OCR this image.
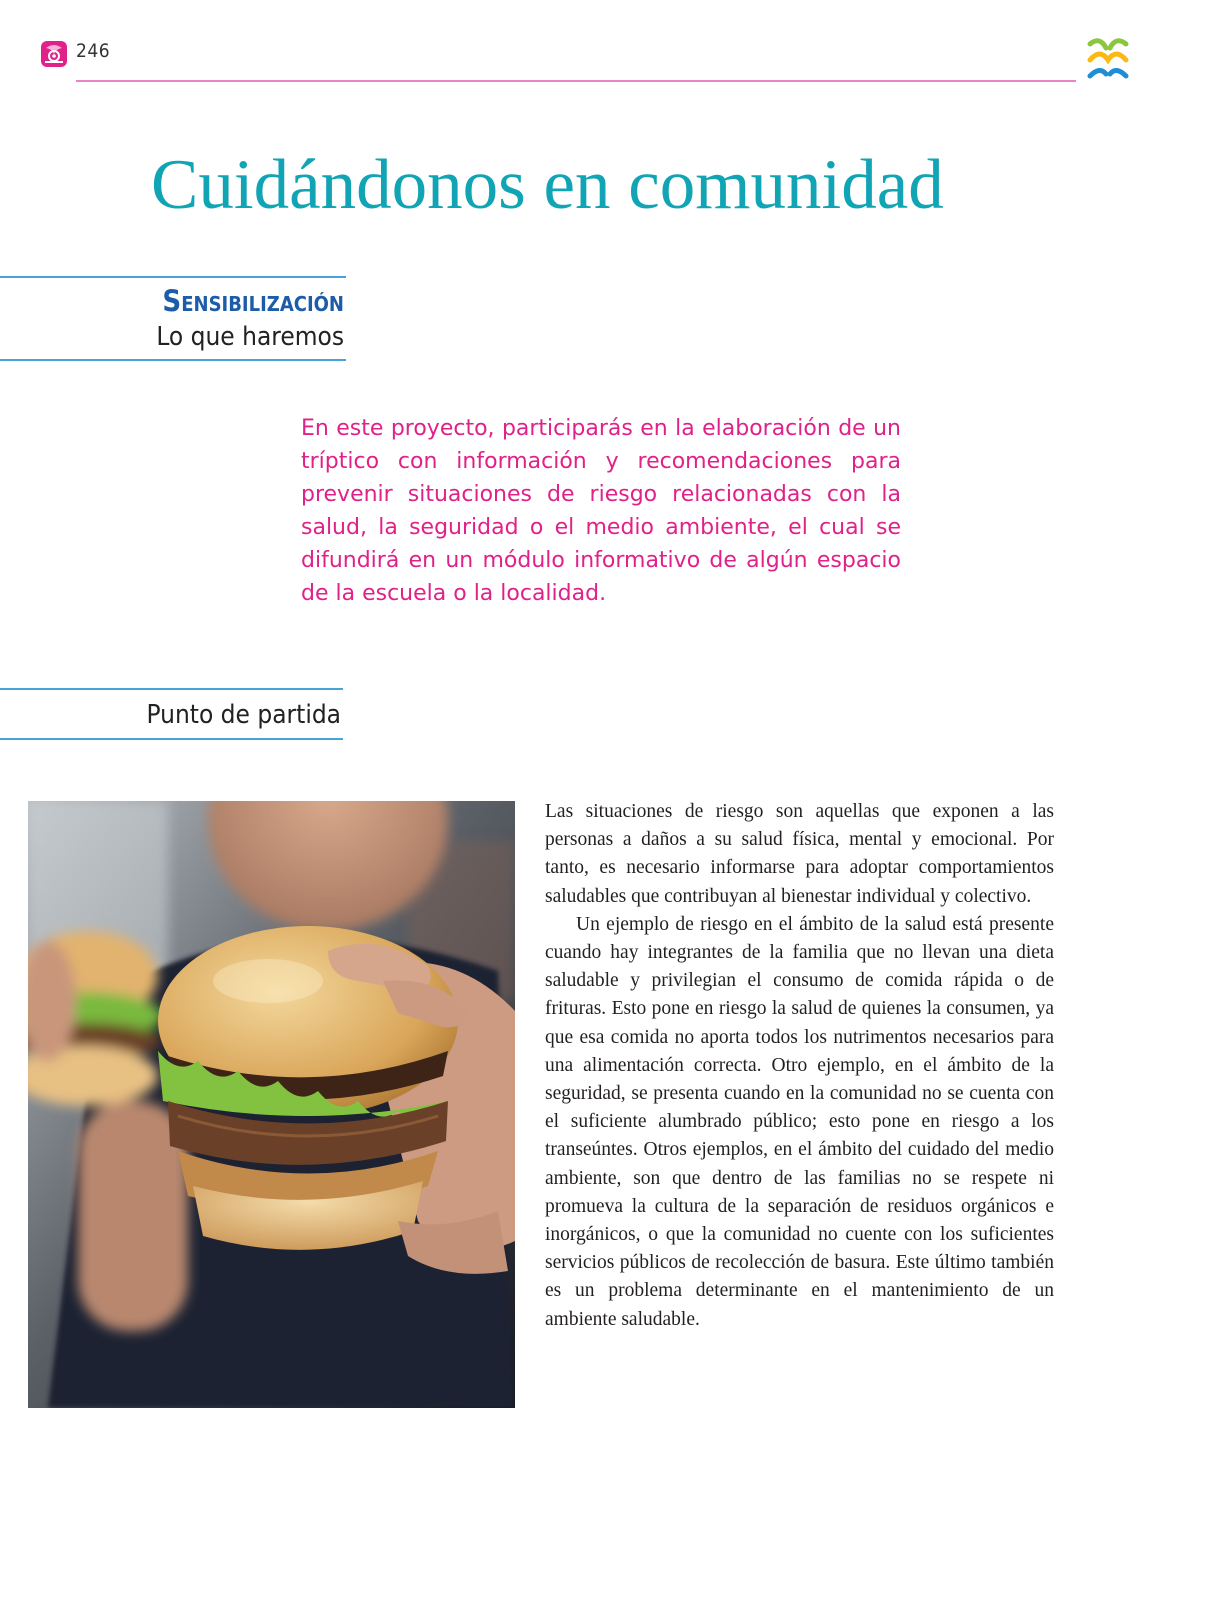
246
Cuidándonos en comunidad
Sensibilización
Lo que haremos

En este proyecto, participarás en la elaboración de un tríptico con información y recomendaciones para prevenir situaciones de riesgo relacionadas con la salud, la seguridad o el medio ambiente, el cual se difundirá en un módulo informativo de algún espacio de la escuela o la localidad.

Punto de partida

Las situaciones de riesgo son aquellas que exponen a las personas a daños a su salud física, mental y emocional. Por tanto, es necesario informarse para adoptar comportamientos saludables que contribuyan al bienestar individual y colectivo.

Un ejemplo de riesgo en el ámbito de la salud está presente cuando hay integrantes de la familia que no llevan una dieta saludable y privilegian el consumo de comida rápida o de frituras. Esto pone en riesgo la salud de quienes la consumen, ya que esa comida no aporta todos los nutrimentos necesarios para una alimentación correcta. Otro ejemplo, en el ámbito de la seguridad, se presenta cuando en la comunidad no se cuenta con el suficiente alumbrado público; esto pone en riesgo a los transeúntes. Otros ejemplos, en el ámbito del cuidado del medio ambiente, son que dentro de las familias no se respete ni promueva la cultura de la separación de residuos orgánicos e inorgánicos, o que la comunidad no cuente con los suficientes servicios públicos de recolección de basura. Este último también es un problema determinante en el mantenimiento de un ambiente saludable.
